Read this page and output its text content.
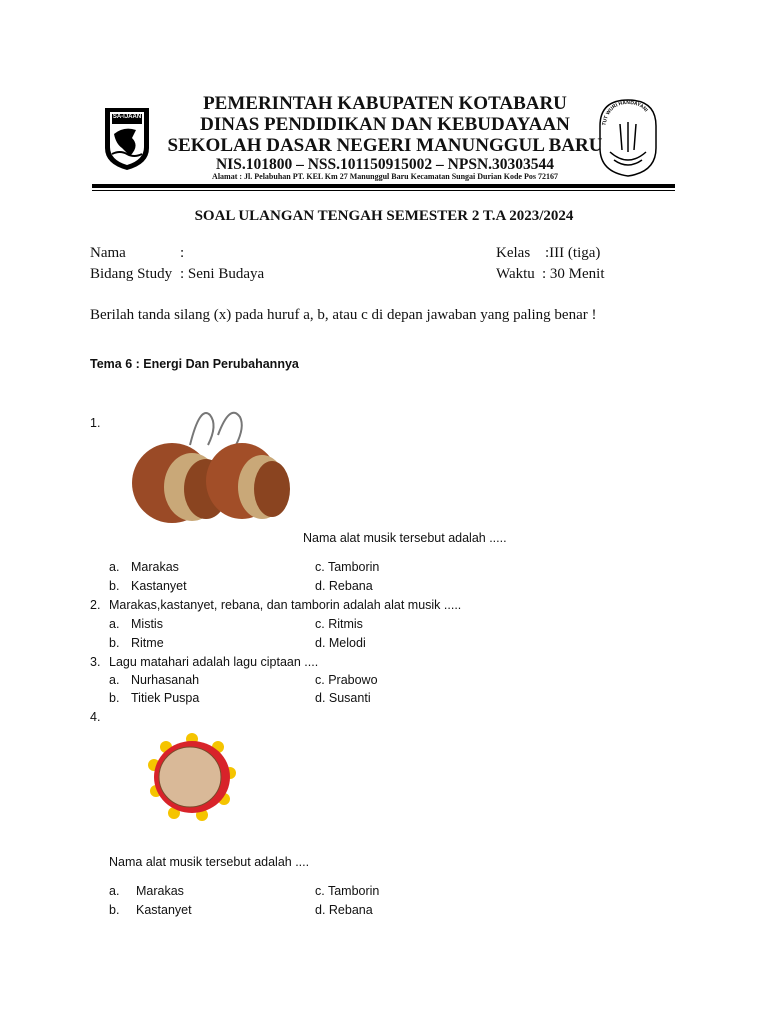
SA-IJAAN
TUT WURI HANDAYANI
PEMERINTAH KABUPATEN KOTABARU
DINAS PENDIDIKAN DAN KEBUDAYAAN
SEKOLAH DASAR NEGERI MANUNGGUL BARU
NIS.101800 – NSS.101150915002 – NPSN.30303544
Alamat : Jl. Pelabuhan PT. KEL Km 27 Manunggul Baru Kecamatan Sungai Durian Kode Pos 72167
SOAL ULANGAN TENGAH SEMESTER 2 T.A 2023/2024
Nama	:
Bidang Study : Seni Budaya
Kelas :III (tiga)
Waktu : 30 Menit
Berilah tanda silang (x) pada huruf a, b, atau c di depan jawaban yang paling benar !
Tema 6 : Energi Dan Perubahannya
1.
Nama alat musik tersebut adalah .....
a. Marakas	c. Tamborin
b. Kastanyet	d. Rebana
2. Marakas,kastanyet, rebana, dan tamborin adalah alat musik .....
a. Mistis	c. Ritmis
b. Ritme	d. Melodi
3. Lagu matahari adalah lagu ciptaan ....
a. Nurhasanah	c. Prabowo
b. Titiek Puspa	d. Susanti
4.
Nama alat musik tersebut adalah ....
a. Marakas	c. Tamborin
b. Kastanyet	d. Rebana
